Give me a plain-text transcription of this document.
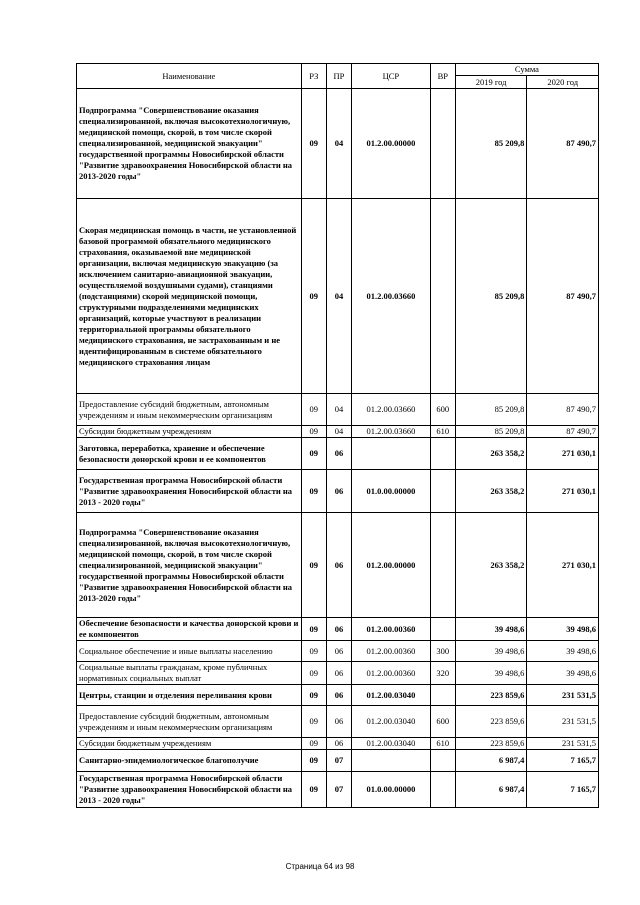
Наименование	РЗ	ПР	ЦСР	ВР	Сумма	
					2019 год	2020 год
Подпрограмма "Совершенствование оказания специализированной, включая высокотехнологичную, медицинской помощи, скорой, в том числе скорой специализированной, медицинской эвакуации" государственной программы Новосибирской области "Развитие здравоохранения Новосибирской области на 2013-2020 годы"	09	04	01.2.00.00000		85 209,8	87 490,7
Скорая медицинская помощь в части, не установленной базовой программой обязательного медицинского страхования, оказываемой вне медицинской организации, включая медицинскую эвакуацию (за исключением санитарно-авиационной эвакуации, осуществляемой воздушными судами), станциями (подстанциями) скорой медицинской помощи, структурными подразделениями медицинских организаций, которые участвуют в реализации территориальной программы обязательного медицинского страхования, не застрахованным и не идентифицированным в системе обязательного медицинского страхования лицам	09	04	01.2.00.03660		85 209,8	87 490,7
Предоставление субсидий бюджетным, автономным учреждениям и иным некоммерческим организациям	09	04	01.2.00.03660	600	85 209,8	87 490,7
Субсидии бюджетным учреждениям	09	04	01.2.00.03660	610	85 209,8	87 490,7
Заготовка, переработка, хранение и обеспечение безопасности донорской крови и ее компонентов	09	06			263 358,2	271 030,1
Государственная программа Новосибирской области "Развитие здравоохранения Новосибирской области на 2013 - 2020 годы"	09	06	01.0.00.00000		263 358,2	271 030,1
Подпрограмма "Совершенствование оказания специализированной, включая высокотехнологичную, медицинской помощи, скорой, в том числе скорой специализированной, медицинской эвакуации" государственной программы Новосибирской области "Развитие здравоохранения Новосибирской области на 2013-2020 годы"	09	06	01.2.00.00000		263 358,2	271 030,1
Обеспечение безопасности и качества донорской крови и ее компонентов	09	06	01.2.00.00360		39 498,6	39 498,6
Социальное обеспечение и иные выплаты населению	09	06	01.2.00.00360	300	39 498,6	39 498,6
Социальные выплаты гражданам, кроме публичных нормативных социальных выплат	09	06	01.2.00.00360	320	39 498,6	39 498,6
Центры, станции и отделения переливания крови	09	06	01.2.00.03040		223 859,6	231 531,5
Предоставление субсидий бюджетным, автономным учреждениям и иным некоммерческим организациям	09	06	01.2.00.03040	600	223 859,6	231 531,5
Субсидии бюджетным учреждениям	09	06	01.2.00.03040	610	223 859,6	231 531,5
Санитарно-эпидемиологическое благополучие	09	07			6 987,4	7 165,7
Государственная программа Новосибирской области "Развитие здравоохранения Новосибирской области на 2013 - 2020 годы"	09	07	01.0.00.00000		6 987,4	7 165,7
Страница 64 из 98
